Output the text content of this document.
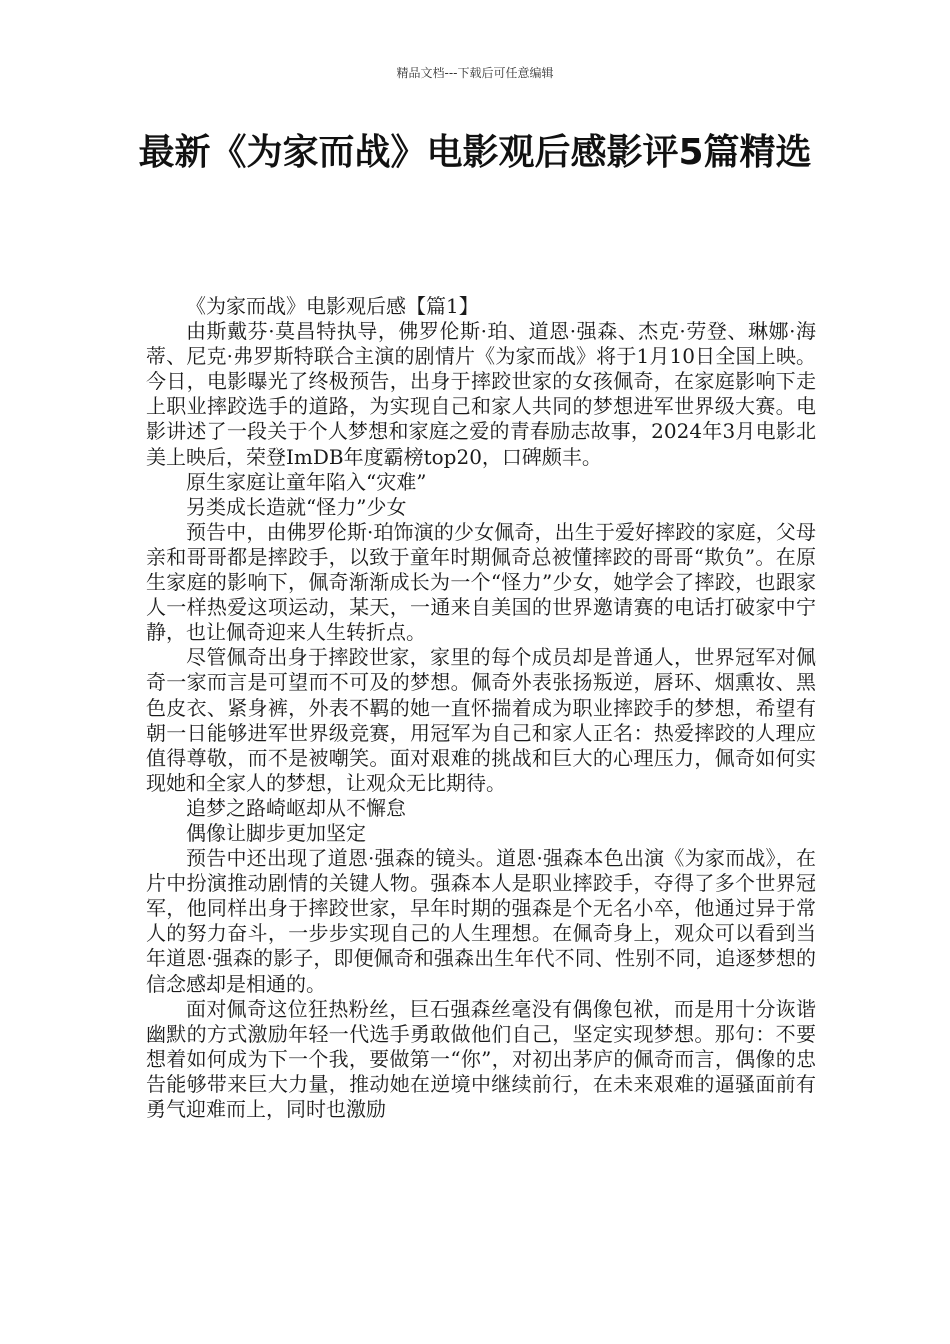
精品文档---下载后可任意编辑
最新《为家而战》电影观后感影评5篇精选

《为家而战》电影观后感【篇1】

由斯戴芬·莫昌特执导，佛罗伦斯·珀、道恩·强森、杰克·劳登、琳娜·海蒂、尼克·弗罗斯特联合主演的剧情片《为家而战》将于1月10日全国上映。今日，电影曝光了终极预告，出身于摔跤世家的女孩佩奇，在家庭影响下走上职业摔跤选手的道路，为实现自己和家人共同的梦想进军世界级大赛。电影讲述了一段关于个人梦想和家庭之爱的青春励志故事，2024年3月电影北美上映后，荣登ImDB年度霸榜top20，口碑颇丰。

原生家庭让童年陷入“灾难”

另类成长造就“怪力”少女

预告中，由佛罗伦斯·珀饰演的少女佩奇，出生于爱好摔跤的家庭，父母亲和哥哥都是摔跤手，以致于童年时期佩奇总被懂摔跤的哥哥“欺负”。在原生家庭的影响下，佩奇渐渐成长为一个“怪力”少女，她学会了摔跤，也跟家人一样热爱这项运动，某天，一通来自美国的世界邀请赛的电话打破家中宁静，也让佩奇迎来人生转折点。

尽管佩奇出身于摔跤世家，家里的每个成员却是普通人，世界冠军对佩奇一家而言是可望而不可及的梦想。佩奇外表张扬叛逆，唇环、烟熏妆、黑色皮衣、紧身裤，外表不羁的她一直怀揣着成为职业摔跤手的梦想，希望有朝一日能够进军世界级竞赛，用冠军为自己和家人正名：热爱摔跤的人理应值得尊敬，而不是被嘲笑。面对艰难的挑战和巨大的心理压力，佩奇如何实现她和全家人的梦想，让观众无比期待。

追梦之路崎岖却从不懈怠

偶像让脚步更加坚定

预告中还出现了道恩·强森的镜头。道恩·强森本色出演《为家而战》，在片中扮演推动剧情的关键人物。强森本人是职业摔跤手，夺得了多个世界冠军，他同样出身于摔跤世家，早年时期的强森是个无名小卒，他通过异于常人的努力奋斗，一步步实现自己的人生理想。在佩奇身上，观众可以看到当年道恩·强森的影子，即便佩奇和强森出生年代不同、性别不同，追逐梦想的信念感却是相通的。

面对佩奇这位狂热粉丝，巨石强森丝毫没有偶像包袱，而是用十分诙谐幽默的方式激励年轻一代选手勇敢做他们自己，坚定实现梦想。那句：不要想着如何成为下一个我，要做第一“你”，对初出茅庐的佩奇而言，偶像的忠告能够带来巨大力量，推动她在逆境中继续前行，在未来艰难的逼骚面前有勇气迎难而上，同时也激励
